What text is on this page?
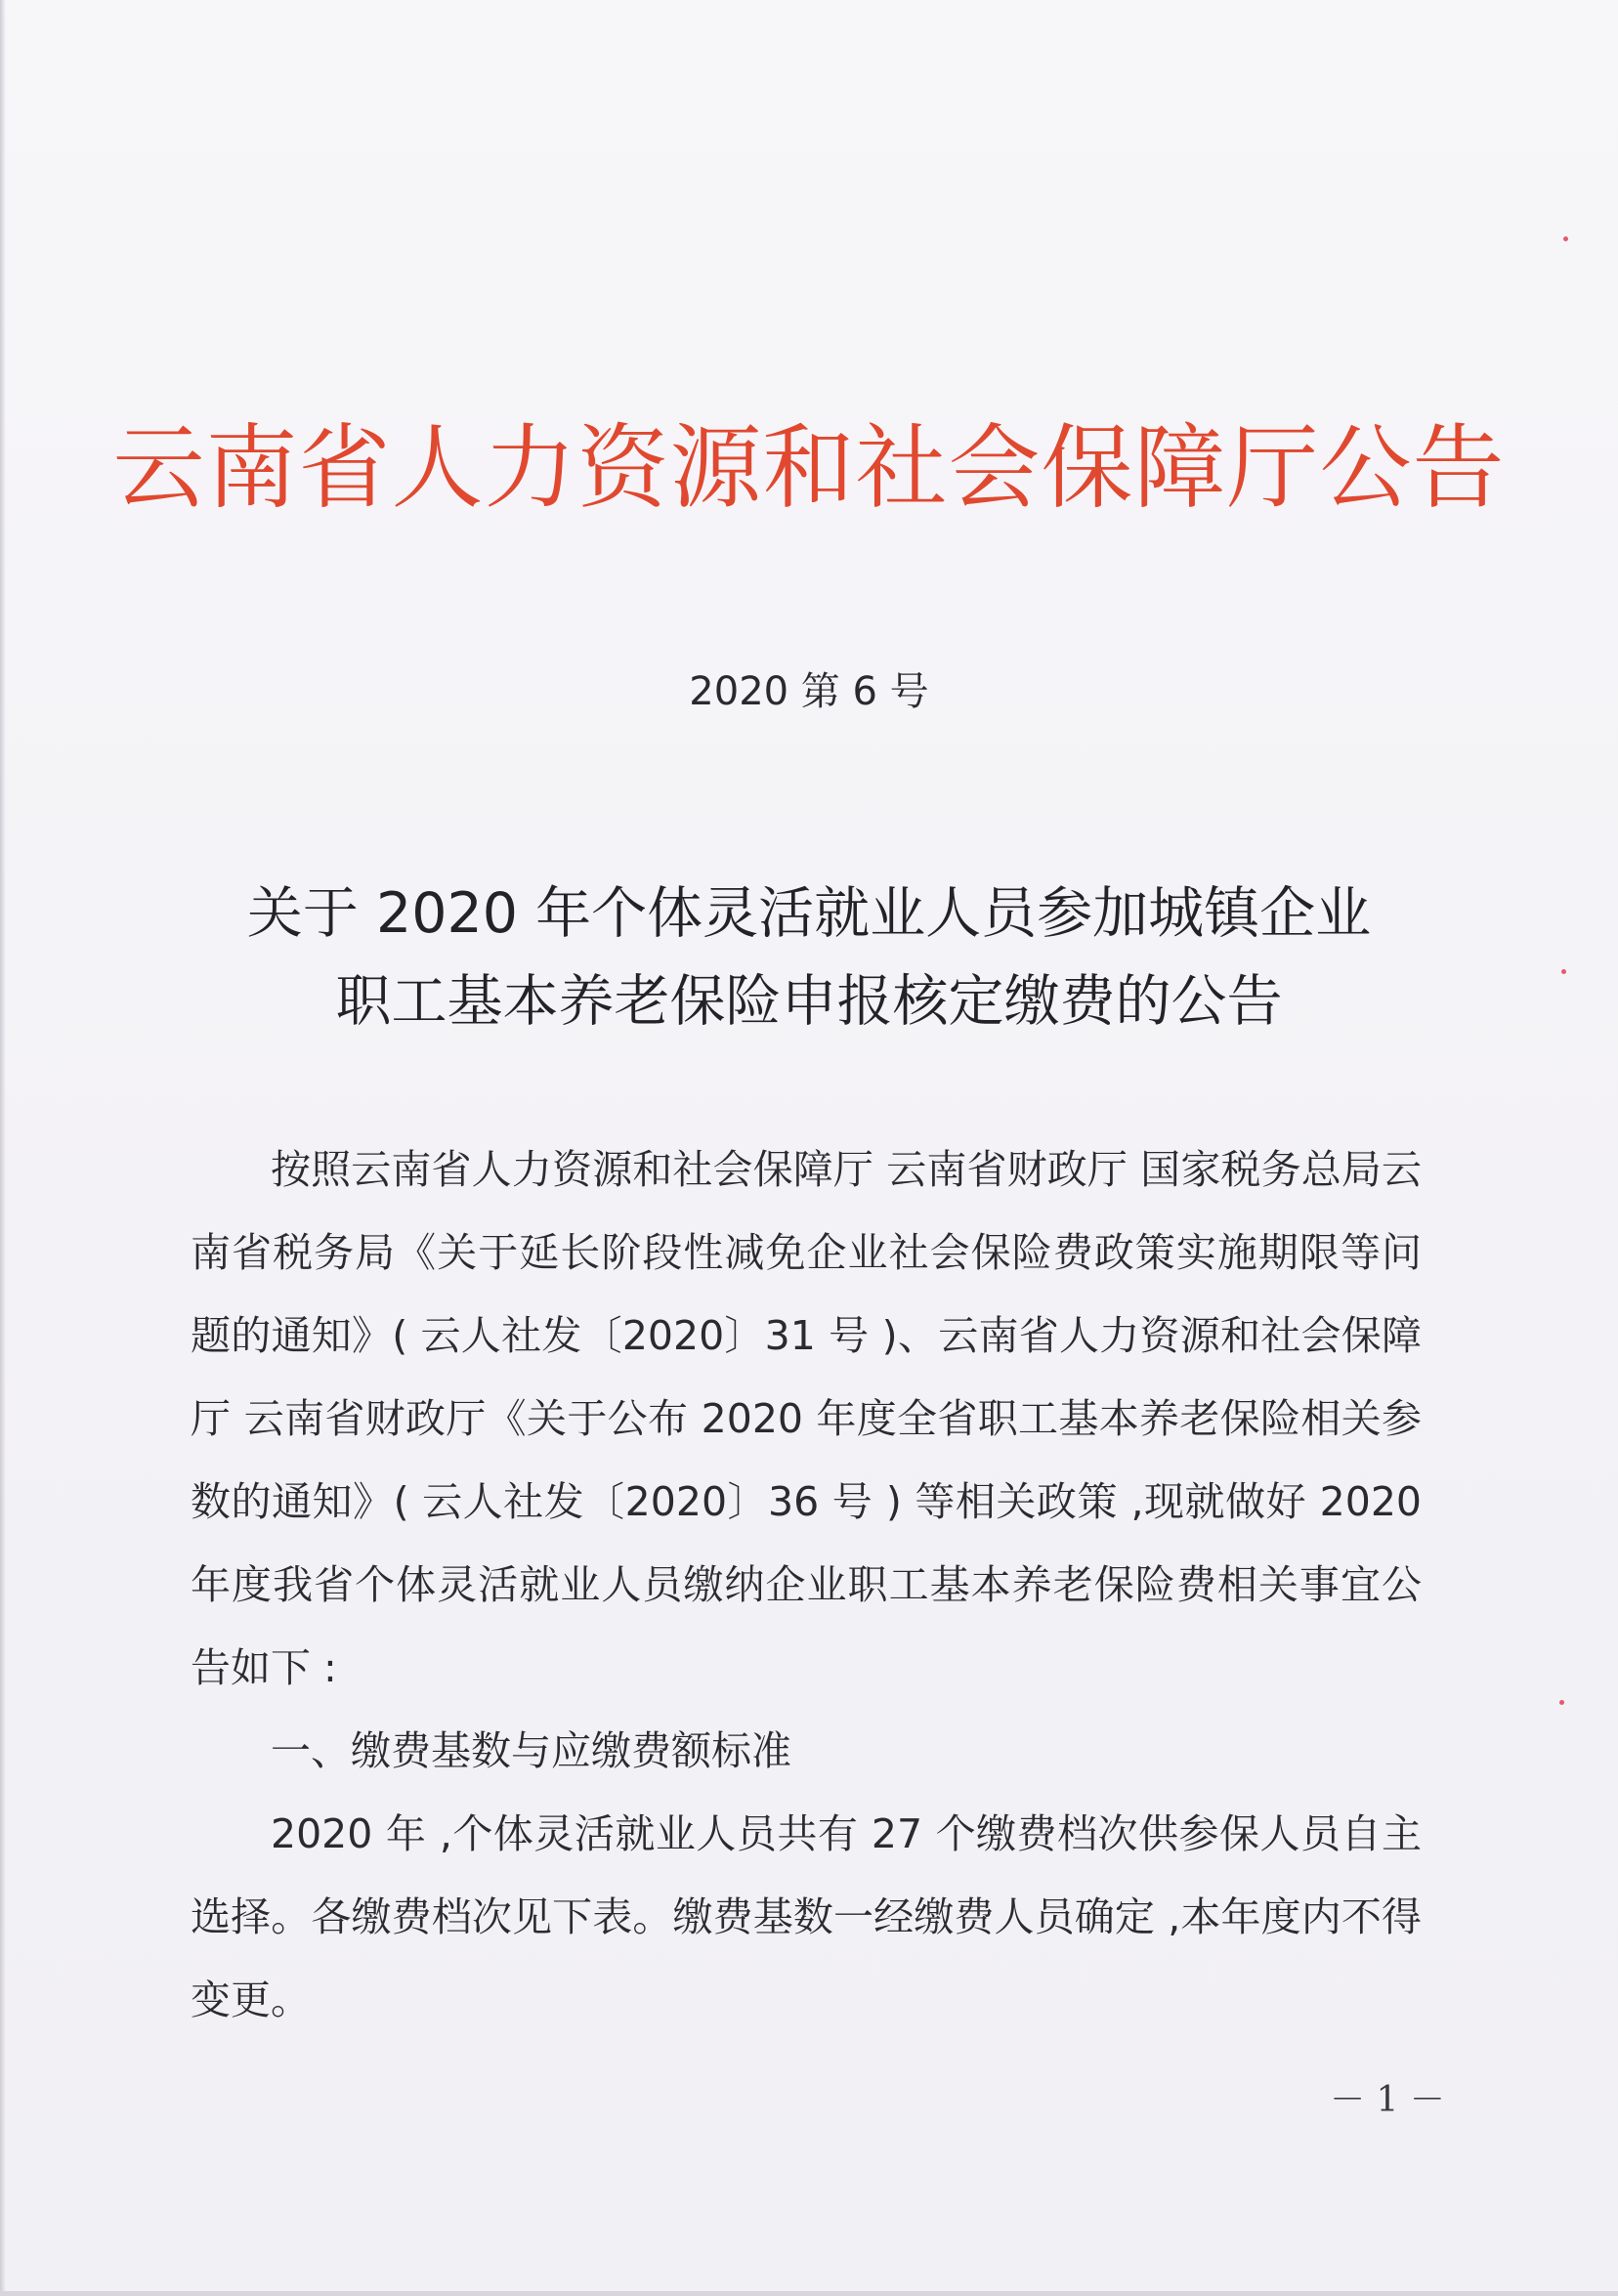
云南省人力资源和社会保障厅公告
2020 第 6 号
关于 2020 年个体灵活就业人员参加城镇企业
职工基本养老保险申报核定缴费的公告

按照云南省人力资源和社会保障厅 云南省财政厅 国家税务总局云南省税务局《关于延长阶段性减免企业社会保险费政策实施期限等问题的通知》( 云人社发〔2020〕31 号 )、云南省人力资源和社会保障厅 云南省财政厅《关于公布 2020 年度全省职工基本养老保险相关参数的通知》( 云人社发〔2020〕36 号 ) 等相关政策 ,现就做好 2020 年度我省个体灵活就业人员缴纳企业职工基本养老保险费相关事宜公告如下 :

一、缴费基数与应缴费额标准

2020 年 ,个体灵活就业人员共有 27 个缴费档次供参保人员自主选择。各缴费档次见下表。缴费基数一经缴费人员确定 ,本年度内不得变更。

－ 1 －
